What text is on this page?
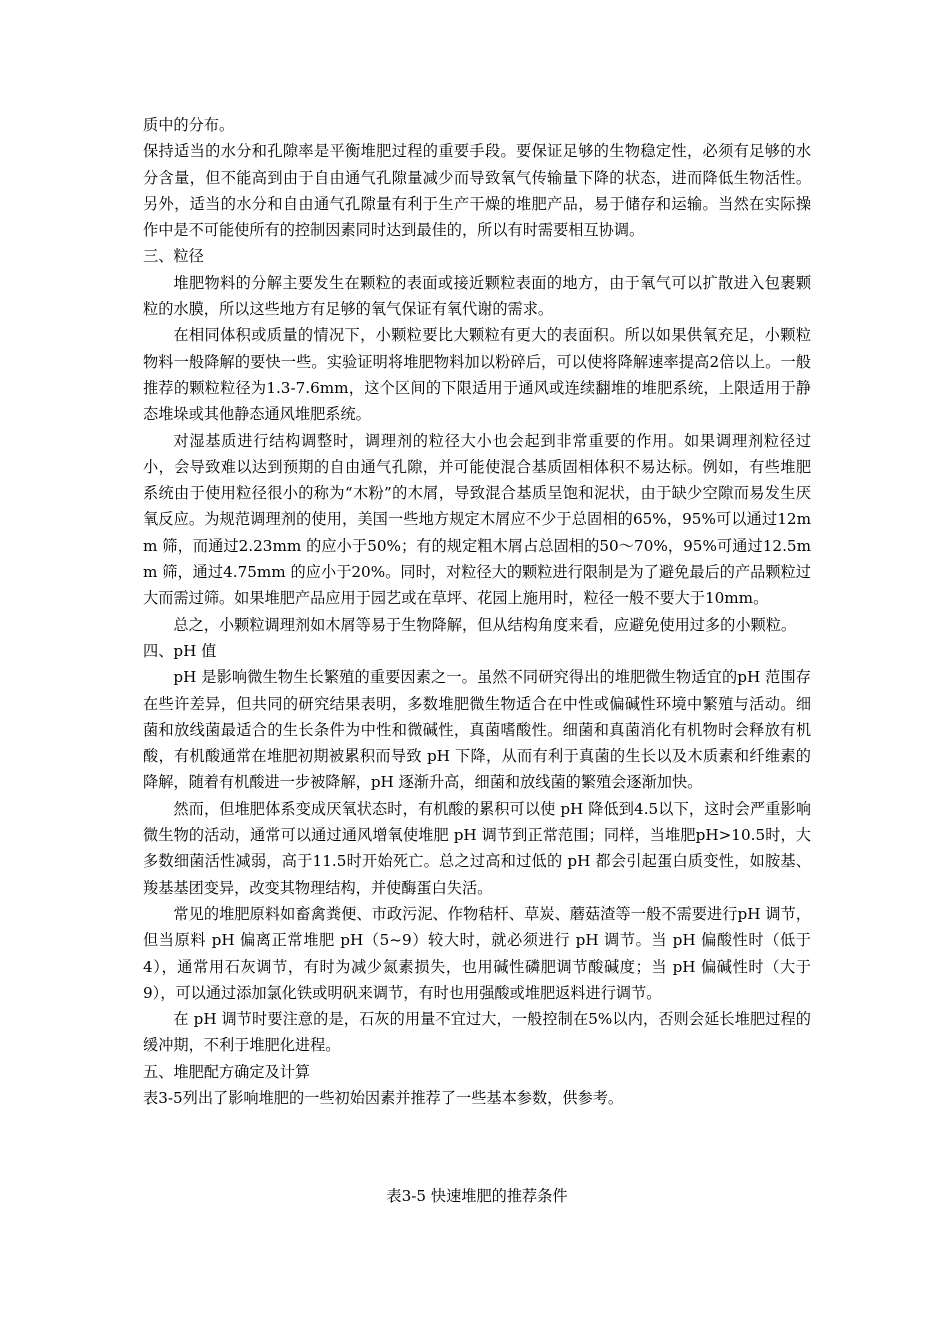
质中的分布。
保持适当的水分和孔隙率是平衡堆肥过程的重要手段。要保证足够的生物稳定性，必须有足够的水分含量，但不能高到由于自由通气孔隙量减少而导致氧气传输量下降的状态，进而降低生物活性。另外，适当的水分和自由通气孔隙量有利于生产干燥的堆肥产品，易于储存和运输。当然在实际操作中是不可能使所有的控制因素同时达到最佳的，所以有时需要相互协调。
三、粒径
堆肥物料的分解主要发生在颗粒的表面或接近颗粒表面的地方，由于氧气可以扩散进入包裹颗粒的水膜，所以这些地方有足够的氧气保证有氧代谢的需求。
在相同体积或质量的情况下，小颗粒要比大颗粒有更大的表面积。所以如果供氧充足，小颗粒物料一般降解的要快一些。实验证明将堆肥物料加以粉碎后，可以使将降解速率提高2倍以上。一般推荐的颗粒粒径为1.3-7.6mm，这个区间的下限适用于通风或连续翻堆的堆肥系统，上限适用于静态堆垛或其他静态通风堆肥系统。
对湿基质进行结构调整时，调理剂的粒径大小也会起到非常重要的作用。如果调理剂粒径过小，会导致难以达到预期的自由通气孔隙，并可能使混合基质固相体积不易达标。例如，有些堆肥系统由于使用粒径很小的称为“木粉”的木屑，导致混合基质呈饱和泥状，由于缺少空隙而易发生厌氧反应。为规范调理剂的使用，美国一些地方规定木屑应不少于总固相的65%，95%可以通过12mm 筛，而通过2.23mm 的应小于50%；有的规定粗木屑占总固相的50～70%，95%可通过12.5mm 筛，通过4.75mm 的应小于20%。同时，对粒径大的颗粒进行限制是为了避免最后的产品颗粒过大而需过筛。如果堆肥产品应用于园艺或在草坪、花园上施用时，粒径一般不要大于10mm。
总之，小颗粒调理剂如木屑等易于生物降解，但从结构角度来看，应避免使用过多的小颗粒。
四、pH 值
pH 是影响微生物生长繁殖的重要因素之一。虽然不同研究得出的堆肥微生物适宜的pH 范围存在些许差异，但共同的研究结果表明，多数堆肥微生物适合在中性或偏碱性环境中繁殖与活动。细菌和放线菌最适合的生长条件为中性和微碱性，真菌嗜酸性。细菌和真菌消化有机物时会释放有机酸，有机酸通常在堆肥初期被累积而导致 pH 下降，从而有利于真菌的生长以及木质素和纤维素的降解，随着有机酸进一步被降解，pH 逐渐升高，细菌和放线菌的繁殖会逐渐加快。
然而，但堆肥体系变成厌氧状态时，有机酸的累积可以使 pH 降低到4.5以下，这时会严重影响微生物的活动，通常可以通过通风增氧使堆肥 pH 调节到正常范围；同样，当堆肥pH>10.5时，大多数细菌活性减弱，高于11.5时开始死亡。总之过高和过低的 pH 都会引起蛋白质变性，如胺基、羧基基团变异，改变其物理结构，并使酶蛋白失活。
常见的堆肥原料如畜禽粪便、市政污泥、作物秸杆、草炭、蘑菇渣等一般不需要进行pH 调节，但当原料 pH 偏离正常堆肥 pH（5~9）较大时，就必须进行 pH 调节。当 pH 偏酸性时（低于4），通常用石灰调节，有时为减少氮素损失，也用碱性磷肥调节酸碱度；当 pH 偏碱性时（大于9），可以通过添加氯化铁或明矾来调节，有时也用强酸或堆肥返料进行调节。
在 pH 调节时要注意的是，石灰的用量不宜过大，一般控制在5%以内，否则会延长堆肥过程的缓冲期，不利于堆肥化进程。
五、堆肥配方确定及计算
表3-5列出了影响堆肥的一些初始因素并推荐了一些基本参数，供参考。
表3-5 快速堆肥的推荐条件
